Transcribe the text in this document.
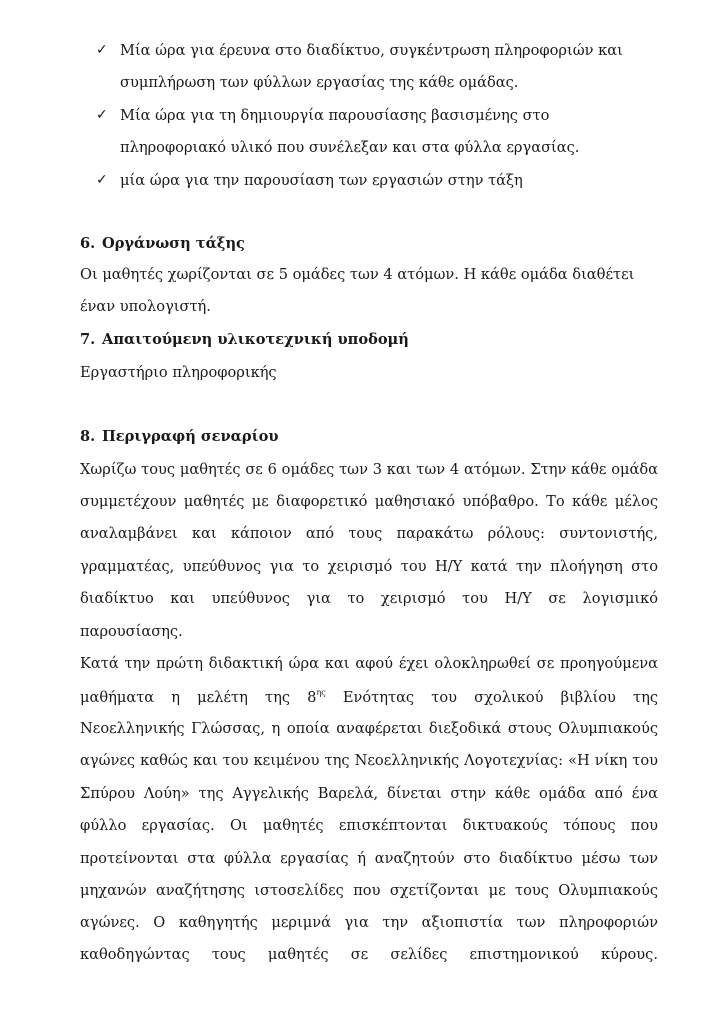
✓ Μία ώρα για έρευνα στο διαδίκτυο, συγκέντρωση πληροφοριών και
συμπλήρωση των φύλλων εργασίας της κάθε ομάδας.
✓ Μία ώρα για τη δημιουργία παρουσίασης βασισμένης στο
πληροφοριακό υλικό που συνέλεξαν και στα φύλλα εργασίας.
✓ μία ώρα για την παρουσίαση των εργασιών στην τάξη
6. Οργάνωση τάξης
Οι μαθητές χωρίζονται σε 5 ομάδες των 4 ατόμων. Η κάθε ομάδα διαθέτει
έναν υπολογιστή.
7. Απαιτούμενη υλικοτεχνική υποδομή
Εργαστήριο πληροφορικής
8. Περιγραφή σεναρίου
Χωρίζω τους μαθητές σε 6 ομάδες των 3 και των 4 ατόμων. Στην κάθε ομάδα
συμμετέχουν μαθητές με διαφορετικό μαθησιακό υπόβαθρο. Το κάθε μέλος
αναλαμβάνει και κάποιον από τους παρακάτω ρόλους: συντονιστής,
γραμματέας, υπεύθυνος για το χειρισμό του Η/Υ κατά την πλοήγηση στο
διαδίκτυο και υπεύθυνος για το χειρισμό του Η/Υ σε λογισμικό
παρουσίασης.
Κατά την πρώτη διδακτική ώρα και αφού έχει ολοκληρωθεί σε προηγούμενα
μαθήματα η μελέτη της $8^{\eta\varsigma}$ Ενότητας του σχολικού βιβλίου της
Νεοελληνικής Γλώσσας, η οποία αναφέρεται διεξοδικά στους Ολυμπιακούς
αγώνες καθώς και του κειμένου της Νεοελληνικής Λογοτεχνίας: «Η νίκη του
Σπύρου Λούη» της Αγγελικής Βαρελά, δίνεται στην κάθε ομάδα από ένα
φύλλο εργασίας. Οι μαθητές επισκέπτονται δικτυακούς τόπους που
προτείνονται στα φύλλα εργασίας ή αναζητούν στο διαδίκτυο μέσω των
μηχανών αναζήτησης ιστοσελίδες που σχετίζονται με τους Ολυμπιακούς
αγώνες. Ο καθηγητής μεριμνά για την αξιοπιστία των πληροφοριών
καθοδηγώντας τους μαθητές σε σελίδες επιστημονικού κύρους.
